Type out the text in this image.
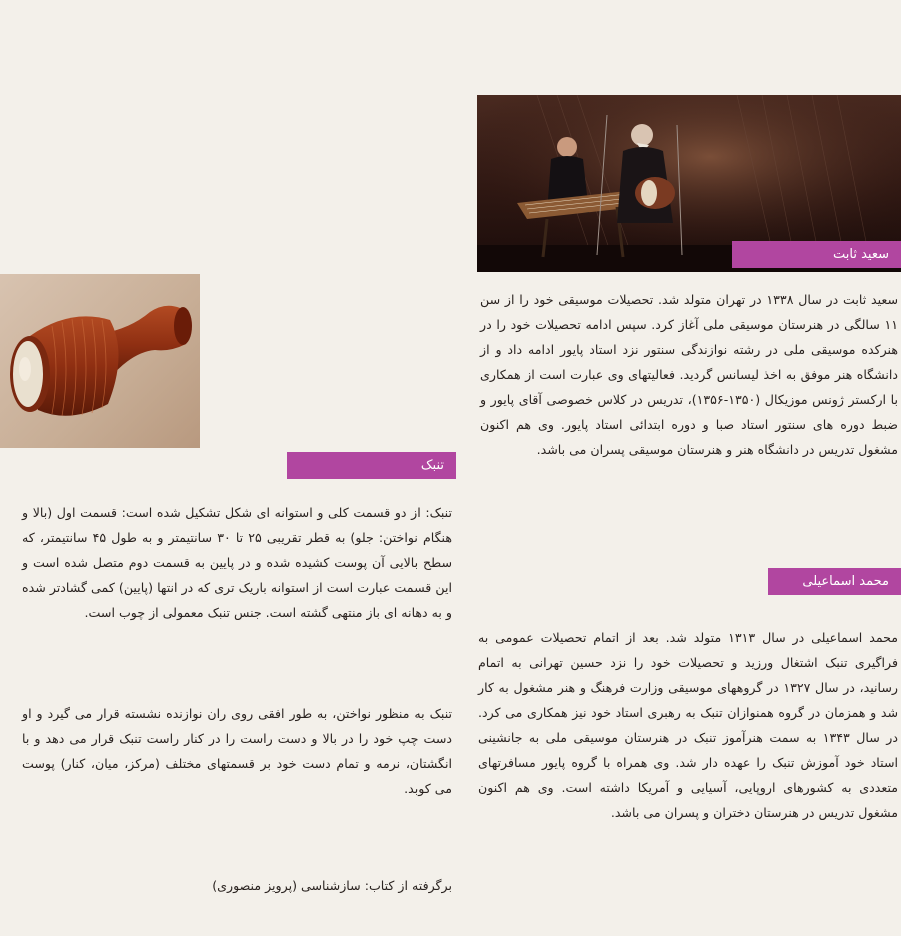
سعید ثابت
محمد اسماعیلی
تنبک

سعید ثابت در سال ۱۳۳۸ در تهران متولد شد. تحصیلات موسیقی خود را از سن ۱۱ سالگی در هنرستان موسیقی ملی آغاز کرد. سپس ادامه تحصیلات خود را در هنرکده موسیقی ملی در رشته نوازندگی سنتور نزد استاد پایور ادامه داد و از دانشگاه هنر موفق به اخذ لیسانس گردید. فعالیتهای وی عبارت است از همکاری با ارکستر ژونس موزیکال (۱۳۵۰-۱۳۵۶)، تدریس در کلاس خصوصی آقای پایور و ضبط دوره های سنتور استاد صبا و دوره ابتدائی استاد پایور. وی هم اکنون مشغول تدریس در دانشگاه هنر و هنرستان موسیقی پسران می باشد.

محمد اسماعیلی در سال ۱۳۱۳ متولد شد. بعد از اتمام تحصیلات عمومی به فراگیری تنبک اشتغال ورزید و تحصیلات خود را نزد حسین تهرانی به اتمام رسانید، در سال ۱۳۲۷ در گروههای موسیقی وزارت فرهنگ و هنر مشغول به کار شد و همزمان در گروه همنوازان تنبک به رهبری استاد خود نیز همکاری می کرد. در سال ۱۳۴۳ به سمت هنرآموز تنبک در هنرستان موسیقی ملی به جانشینی استاد خود آموزش تنبک را عهده دار شد. وی همراه با گروه پایور مسافرتهای متعددی به کشورهای اروپایی، آسیایی و آمریکا داشته است. وی هم اکنون مشغول تدریس در هنرستان دختران و پسران می باشد.

تنبک: از دو قسمت کلی و استوانه ای شکل تشکیل شده است: قسمت اول (بالا و هنگام نواختن: جلو) به قطر تقریبی ۲۵ تا ۳۰ سانتیمتر و به طول ۴۵ سانتیمتر، که سطح بالایی آن پوست کشیده شده و در پایین به قسمت دوم متصل شده است و این قسمت عبارت است از استوانه باریک تری که در انتها (پایین) کمی گشادتر شده و به دهانه ای باز منتهی گشته است. جنس تنبک معمولی از چوب است.

تنبک به منظور نواختن، به طور افقی روی ران نوازنده نشسته قرار می گیرد و او دست چپ خود را در بالا و دست راست را در کنار راست تنبک قرار می دهد و با انگشتان، نرمه و تمام دست خود بر قسمتهای مختلف (مرکز، میان، کنار) پوست می کوبد.

برگرفته از کتاب: سازشناسی (پرویز منصوری)
